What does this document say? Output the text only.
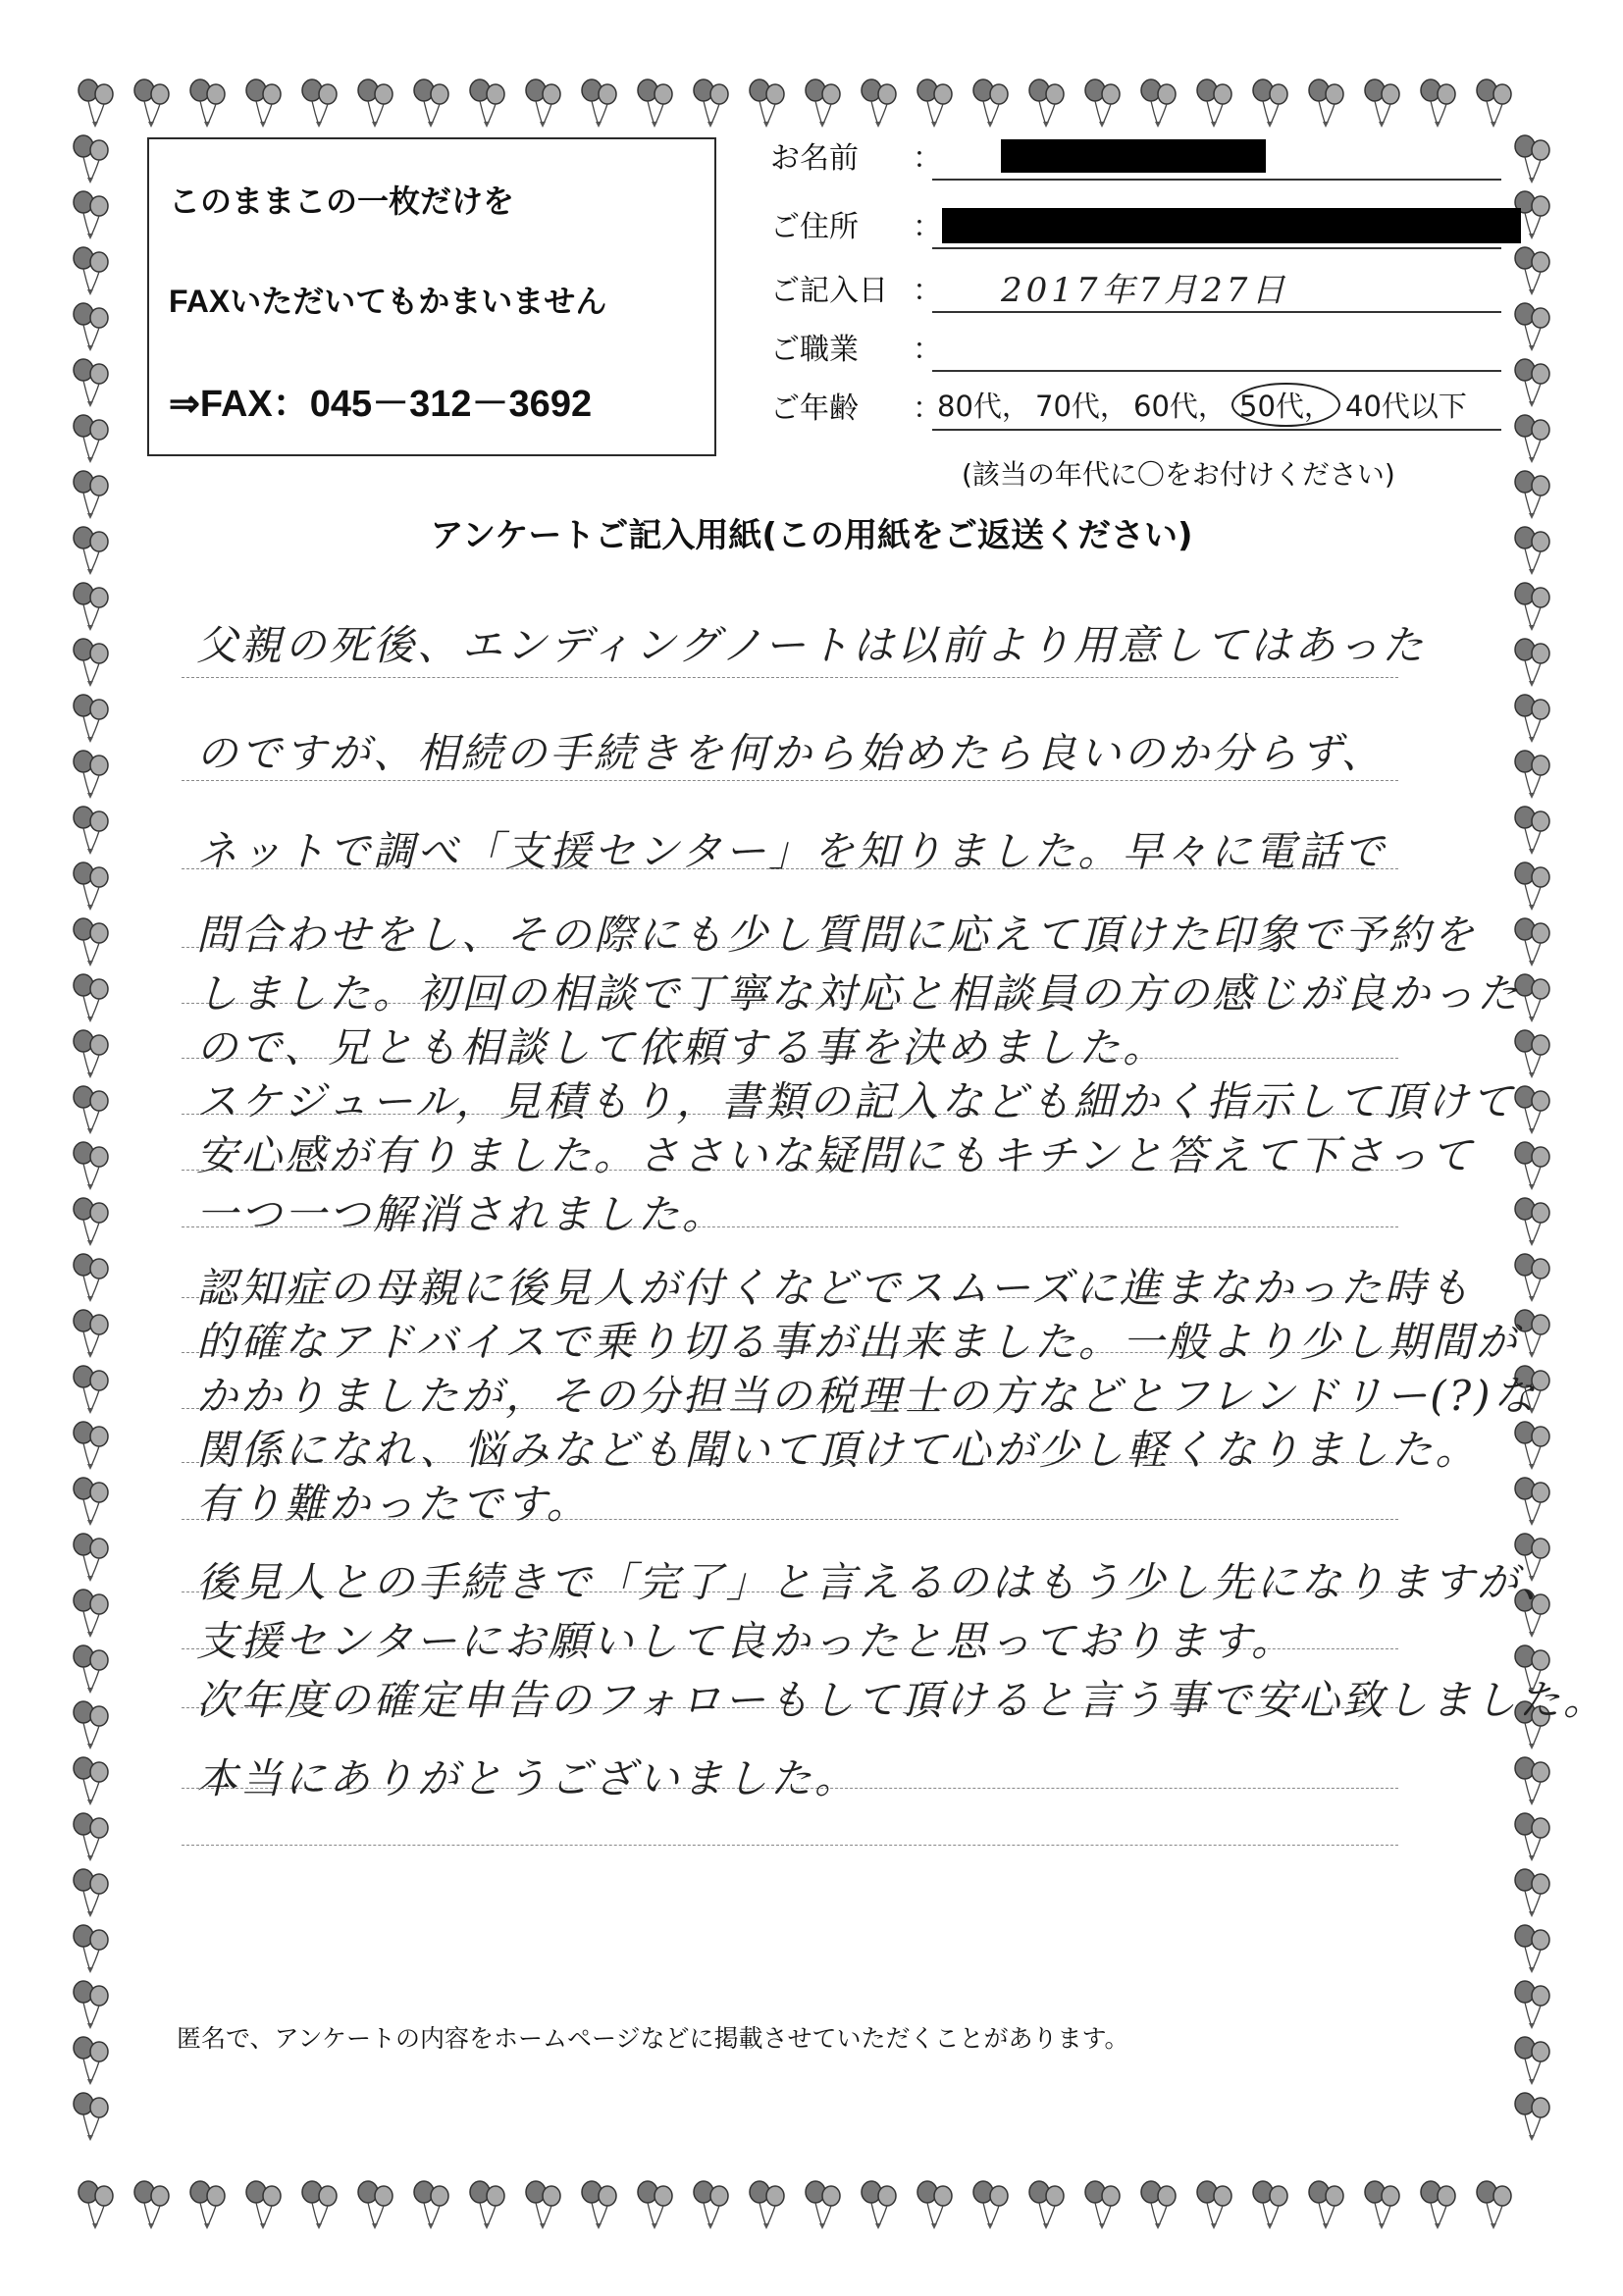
このままこの一枚だけを
FAXいただいてもかまいません
⇒FAX：045－312－3692
お名前 ：
ご住所 ：
ご記入日 ： 2017年7月27日
ご職業 ：
ご年齢 ：
80代， 70代， 60代， 50代， 40代以下
(該当の年代に〇をお付けください)
アンケートご記入用紙(この用紙をご返送ください)
父親の死後、エンディングノートは以前より用意してはあった
のですが、相続の手続きを何から始めたら良いのか分らず、
ネットで調べ「支援センター」を知りました。早々に電話で
問合わせをし、その際にも少し質問に応えて頂けた印象で予約を
しました。初回の相談で丁寧な対応と相談員の方の感じが良かった
ので、兄とも相談して依頼する事を決めました。
スケジュール，見積もり，書類の記入なども細かく指示して頂けて
安心感が有りました。ささいな疑問にもキチンと答えて下さって
一つ一つ解消されました。
認知症の母親に後見人が付くなどでスムーズに進まなかった時も
的確なアドバイスで乗り切る事が出来ました。一般より少し期間が
かかりましたが，その分担当の税理士の方などとフレンドリー(?)な
関係になれ、悩みなども聞いて頂けて心が少し軽くなりました。
有り難かったです。
後見人との手続きで「完了」と言えるのはもう少し先になりますが、
支援センターにお願いして良かったと思っております。
次年度の確定申告のフォローもして頂けると言う事で安心致しました。
本当にありがとうございました。
匿名で、アンケートの内容をホームページなどに掲載させていただくことがあります。
